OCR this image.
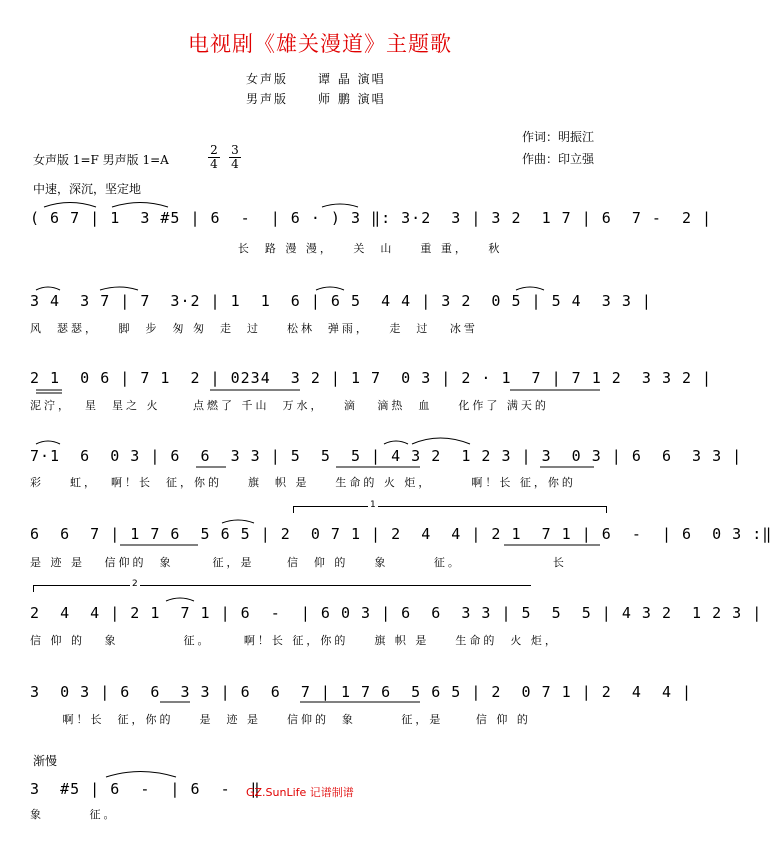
电视剧《雄关漫道》主题歌
女声版 谭 晶 演唱
男声版 师 鹏 演唱
作词：明振江
作曲：印立强
女声版 1=F 男声版 1=A	$\frac{2}{4} \frac{3}{4}$
中速，深沉，坚定地
( 6 7 | 1  3 #5 | 6  -  | 6 · ) 3 ‖: 3·2  3 | 3 2  1 7 | 6  7 -  2 |
长  路 漫 漫，   关  山    重 重，   秋
3 4  3 7 | 7  3·2 | 1  1  6 | 6 5  4 4 | 3 2  0 5 | 5 4  3 3 |
风  瑟瑟，   脚  步  匆 匆  走  过    松林  弹雨，   走  过   冰雪
2 1  0 6 | 7 1  2 | 0234  3 2 | 1 7  0 3 | 2 · 1  7 | 7 1 2  3 3 2 |
泥泞，  星  星之 火     点燃了 千山  万水，   滴   滴热  血    化作了 满天的
7·1  6  0 3 | 6  6  3 3 | 5  5  5 | 4 3 2  1 2 3 | 3  0 3 | 6  6  3 3 |
彩    虹，  啊！长  征，你的    旗  帜 是    生命的 火 炬，      啊！长 征，你的
1
6  6  7 | 1 7 6  5 6 5 | 2  0 7 1 | 2  4  4 | 2 1  7 1 | 6  -  | 6  0 3 :‖
是 迹 是   信仰的  象      征，是     信  仰 的    象       征。              长
2
2  4  4 | 2 1  7 1 | 6  -  | 6 0 3 | 6  6  3 3 | 5  5  5 | 4 3 2  1 2 3 |
信 仰 的   象          征。     啊！长 征，你的    旗 帜 是    生命的  火 炬，
3  0 3 | 6  6  3 3 | 6  6  7 | 1 7 6  5 6 5 | 2  0 7 1 | 2  4  4 |
啊！长  征，你的    是  迹 是    信仰的  象       征，是     信 仰 的
渐慢
3  #5 | 6  -  | 6  -  ‖
象       征。
GZ.SunLife 记谱制谱
